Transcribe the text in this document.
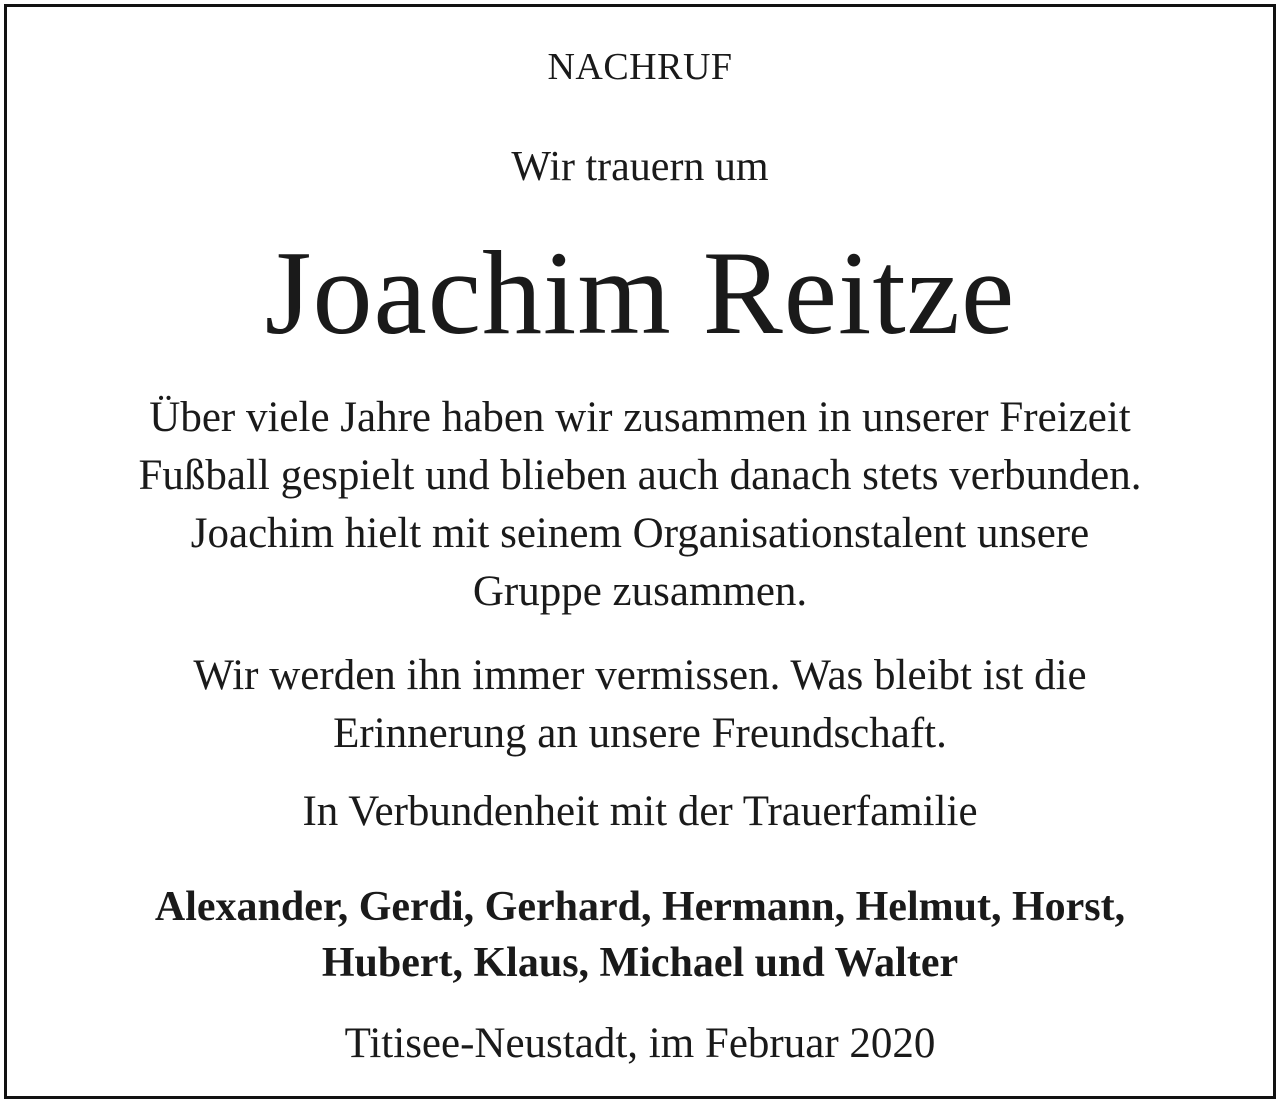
NACHRUF
Wir trauern um
Joachim Reitze
Über viele Jahre haben wir zusammen in unserer Freizeit
Fußball gespielt und blieben auch danach stets verbunden.
Joachim hielt mit seinem Organisationstalent unsere
Gruppe zusammen.
Wir werden ihn immer vermissen. Was bleibt ist die
Erinnerung an unsere Freundschaft.
In Verbundenheit mit der Trauerfamilie
Alexander, Gerdi, Gerhard, Hermann, Helmut, Horst,
Hubert, Klaus, Michael und Walter
Titisee-Neustadt, im Februar 2020
